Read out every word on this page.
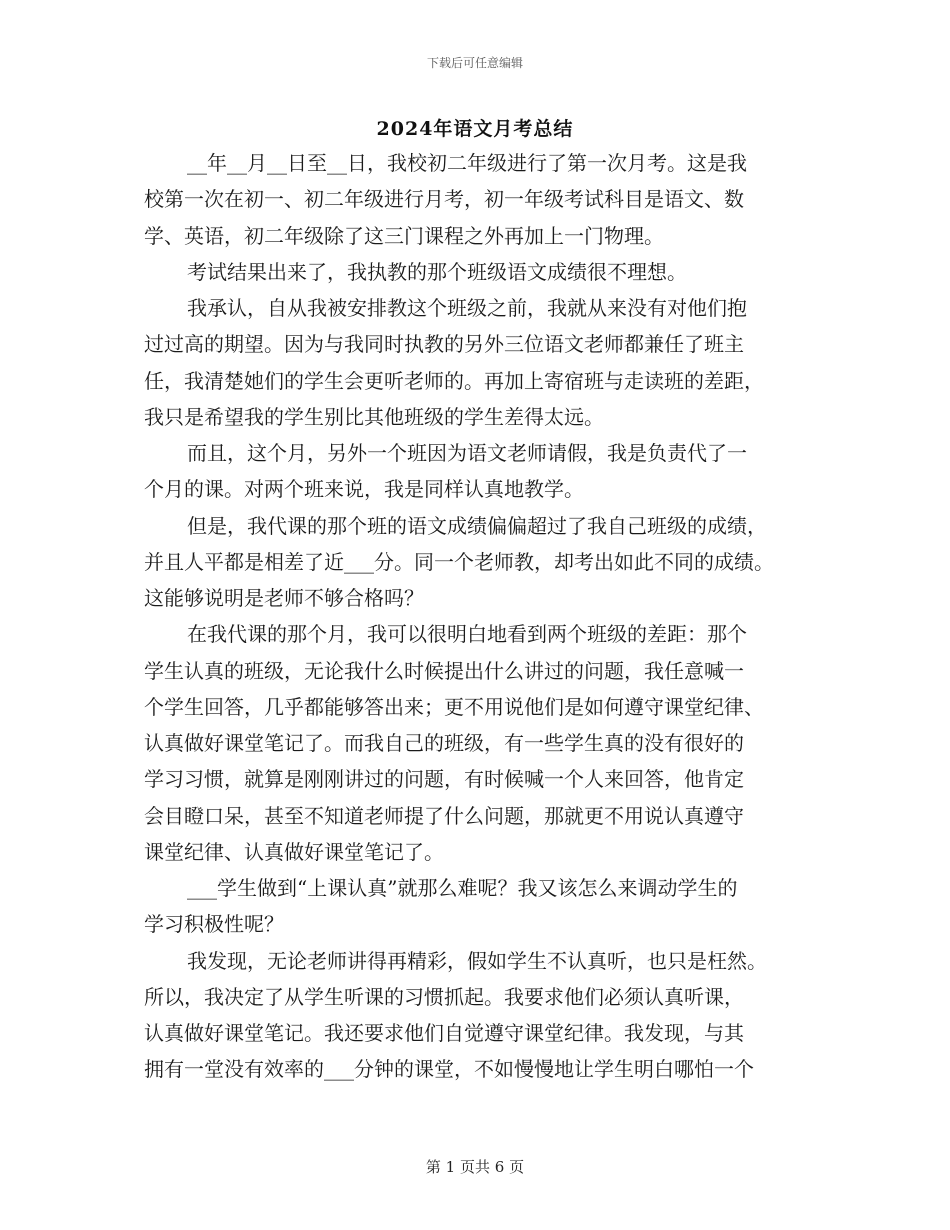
下载后可任意编辑
2024年语文月考总结
__年__月__日至__日，我校初二年级进行了第一次月考。这是我
校第一次在初一、初二年级进行月考，初一年级考试科目是语文、数
学、英语，初二年级除了这三门课程之外再加上一门物理。
考试结果出来了，我执教的那个班级语文成绩很不理想。
我承认，自从我被安排教这个班级之前，我就从来没有对他们抱
过过高的期望。因为与我同时执教的另外三位语文老师都兼任了班主
任，我清楚她们的学生会更听老师的。再加上寄宿班与走读班的差距，
我只是希望我的学生别比其他班级的学生差得太远。
而且，这个月，另外一个班因为语文老师请假，我是负责代了一
个月的课。对两个班来说，我是同样认真地教学。
但是，我代课的那个班的语文成绩偏偏超过了我自己班级的成绩，
并且人平都是相差了近___分。同一个老师教，却考出如此不同的成绩。
这能够说明是老师不够合格吗？
在我代课的那个月，我可以很明白地看到两个班级的差距：那个
学生认真的班级，无论我什么时候提出什么讲过的问题，我任意喊一
个学生回答，几乎都能够答出来；更不用说他们是如何遵守课堂纪律、
认真做好课堂笔记了。而我自己的班级，有一些学生真的没有很好的
学习习惯，就算是刚刚讲过的问题，有时候喊一个人来回答，他肯定
会目瞪口呆，甚至不知道老师提了什么问题，那就更不用说认真遵守
课堂纪律、认真做好课堂笔记了。
___学生做到“上课认真”就那么难呢？我又该怎么来调动学生的
学习积极性呢？
我发现，无论老师讲得再精彩，假如学生不认真听，也只是枉然。
所以，我决定了从学生听课的习惯抓起。我要求他们必须认真听课，
认真做好课堂笔记。我还要求他们自觉遵守课堂纪律。我发现，与其
拥有一堂没有效率的___分钟的课堂，不如慢慢地让学生明白哪怕一个
第 1 页共 6 页
